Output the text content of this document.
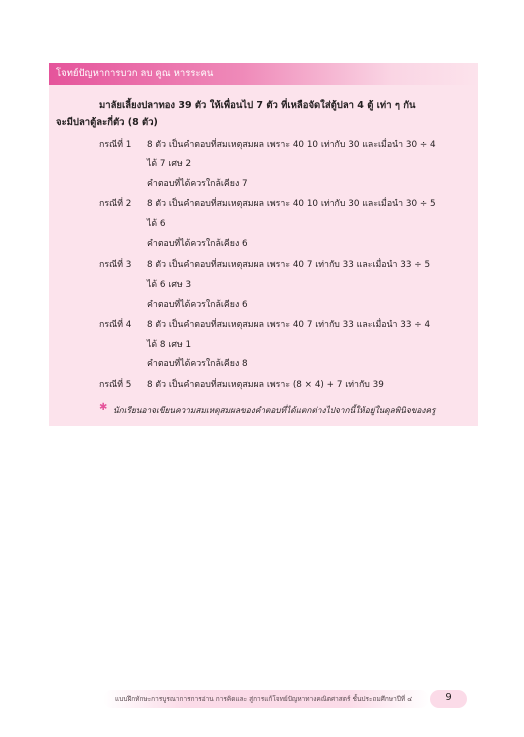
โจทย์ปัญหาการบวก ลบ คูณ หารระคน
มาลัยเลี้ยงปลาทอง 39 ตัว ให้เพื่อนไป 7 ตัว ที่เหลือจัดใส่ตู้ปลา 4 ตู้ เท่า ๆ กัน
จะมีปลาตู้ละกี่ตัว (8 ตัว)
กรณีที่ 1 8 ตัว เป็นคำตอบที่สมเหตุสมผล เพราะ 40 10 เท่ากับ 30 และเมื่อนำ 30 ÷ 4
ได้ 7 เศษ 2
คำตอบที่ได้ควรใกล้เคียง 7
กรณีที่ 2 8 ตัว เป็นคำตอบที่สมเหตุสมผล เพราะ 40 10 เท่ากับ 30 และเมื่อนำ 30 ÷ 5
ได้ 6
คำตอบที่ได้ควรใกล้เคียง 6
กรณีที่ 3 8 ตัว เป็นคำตอบที่สมเหตุสมผล เพราะ 40 7 เท่ากับ 33 และเมื่อนำ 33 ÷ 5
ได้ 6 เศษ 3
คำตอบที่ได้ควรใกล้เคียง 6
กรณีที่ 4 8 ตัว เป็นคำตอบที่สมเหตุสมผล เพราะ 40 7 เท่ากับ 33 และเมื่อนำ 33 ÷ 4
ได้ 8 เศษ 1
คำตอบที่ได้ควรใกล้เคียง 8
กรณีที่ 5 8 ตัว เป็นคำตอบที่สมเหตุสมผล เพราะ (8 × 4) + 7 เท่ากับ 39
✱ นักเรียนอาจเขียนความสมเหตุสมผลของคำตอบที่ได้แตกต่างไปจากนี้ให้อยู่ในดุลพินิจของครู
แบบฝึกทักษะการบูรณาการการอ่าน การคิดและ สู่การแก้โจทย์ปัญหาทางคณิตศาสตร์ ชั้นประถมศึกษาปีที่ ๔	9
